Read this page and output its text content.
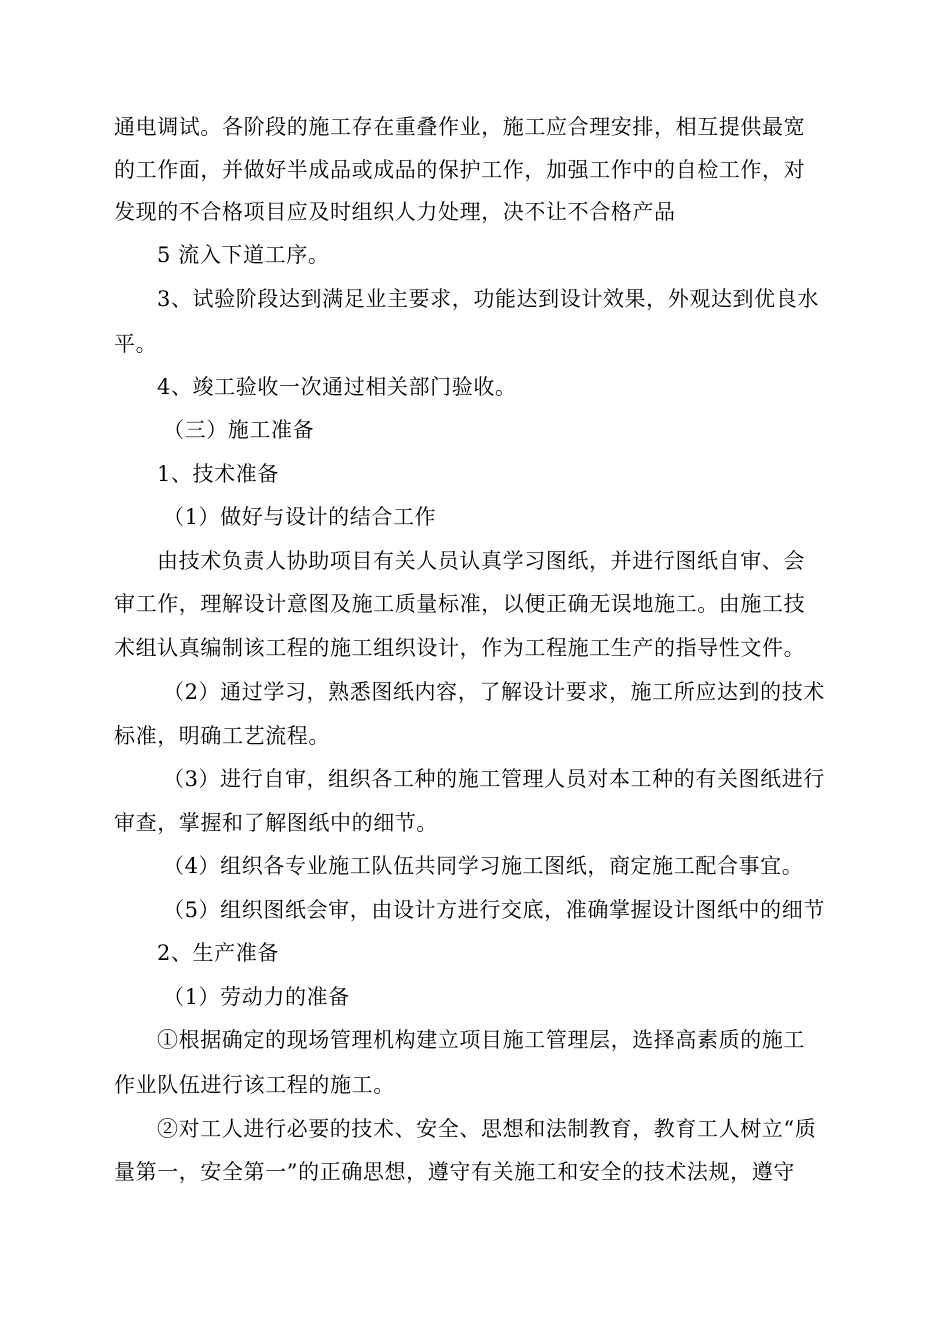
通电调试。各阶段的施工存在重叠作业，施工应合理安排，相互提供最宽
的工作面，并做好半成品或成品的保护工作，加强工作中的自检工作，对
发现的不合格项目应及时组织人力处理，决不让不合格产品
5 流入下道工序。
3、试验阶段达到满足业主要求，功能达到设计效果，外观达到优良水
平。
4、竣工验收一次通过相关部门验收。
（三）施工准备
1、技术准备
（1）做好与设计的结合工作
由技术负责人协助项目有关人员认真学习图纸，并进行图纸自审、会
审工作，理解设计意图及施工质量标准，以便正确无误地施工。由施工技
术组认真编制该工程的施工组织设计，作为工程施工生产的指导性文件。
（2）通过学习，熟悉图纸内容，了解设计要求，施工所应达到的技术
标准，明确工艺流程。
（3）进行自审，组织各工种的施工管理人员对本工种的有关图纸进行
审查，掌握和了解图纸中的细节。
（4）组织各专业施工队伍共同学习施工图纸，商定施工配合事宜。
（5）组织图纸会审，由设计方进行交底，准确掌握设计图纸中的细节
2、生产准备
（1）劳动力的准备
①根据确定的现场管理机构建立项目施工管理层，选择高素质的施工
作业队伍进行该工程的施工。
②对工人进行必要的技术、安全、思想和法制教育，教育工人树立“质
量第一，安全第一”的正确思想，遵守有关施工和安全的技术法规，遵守
